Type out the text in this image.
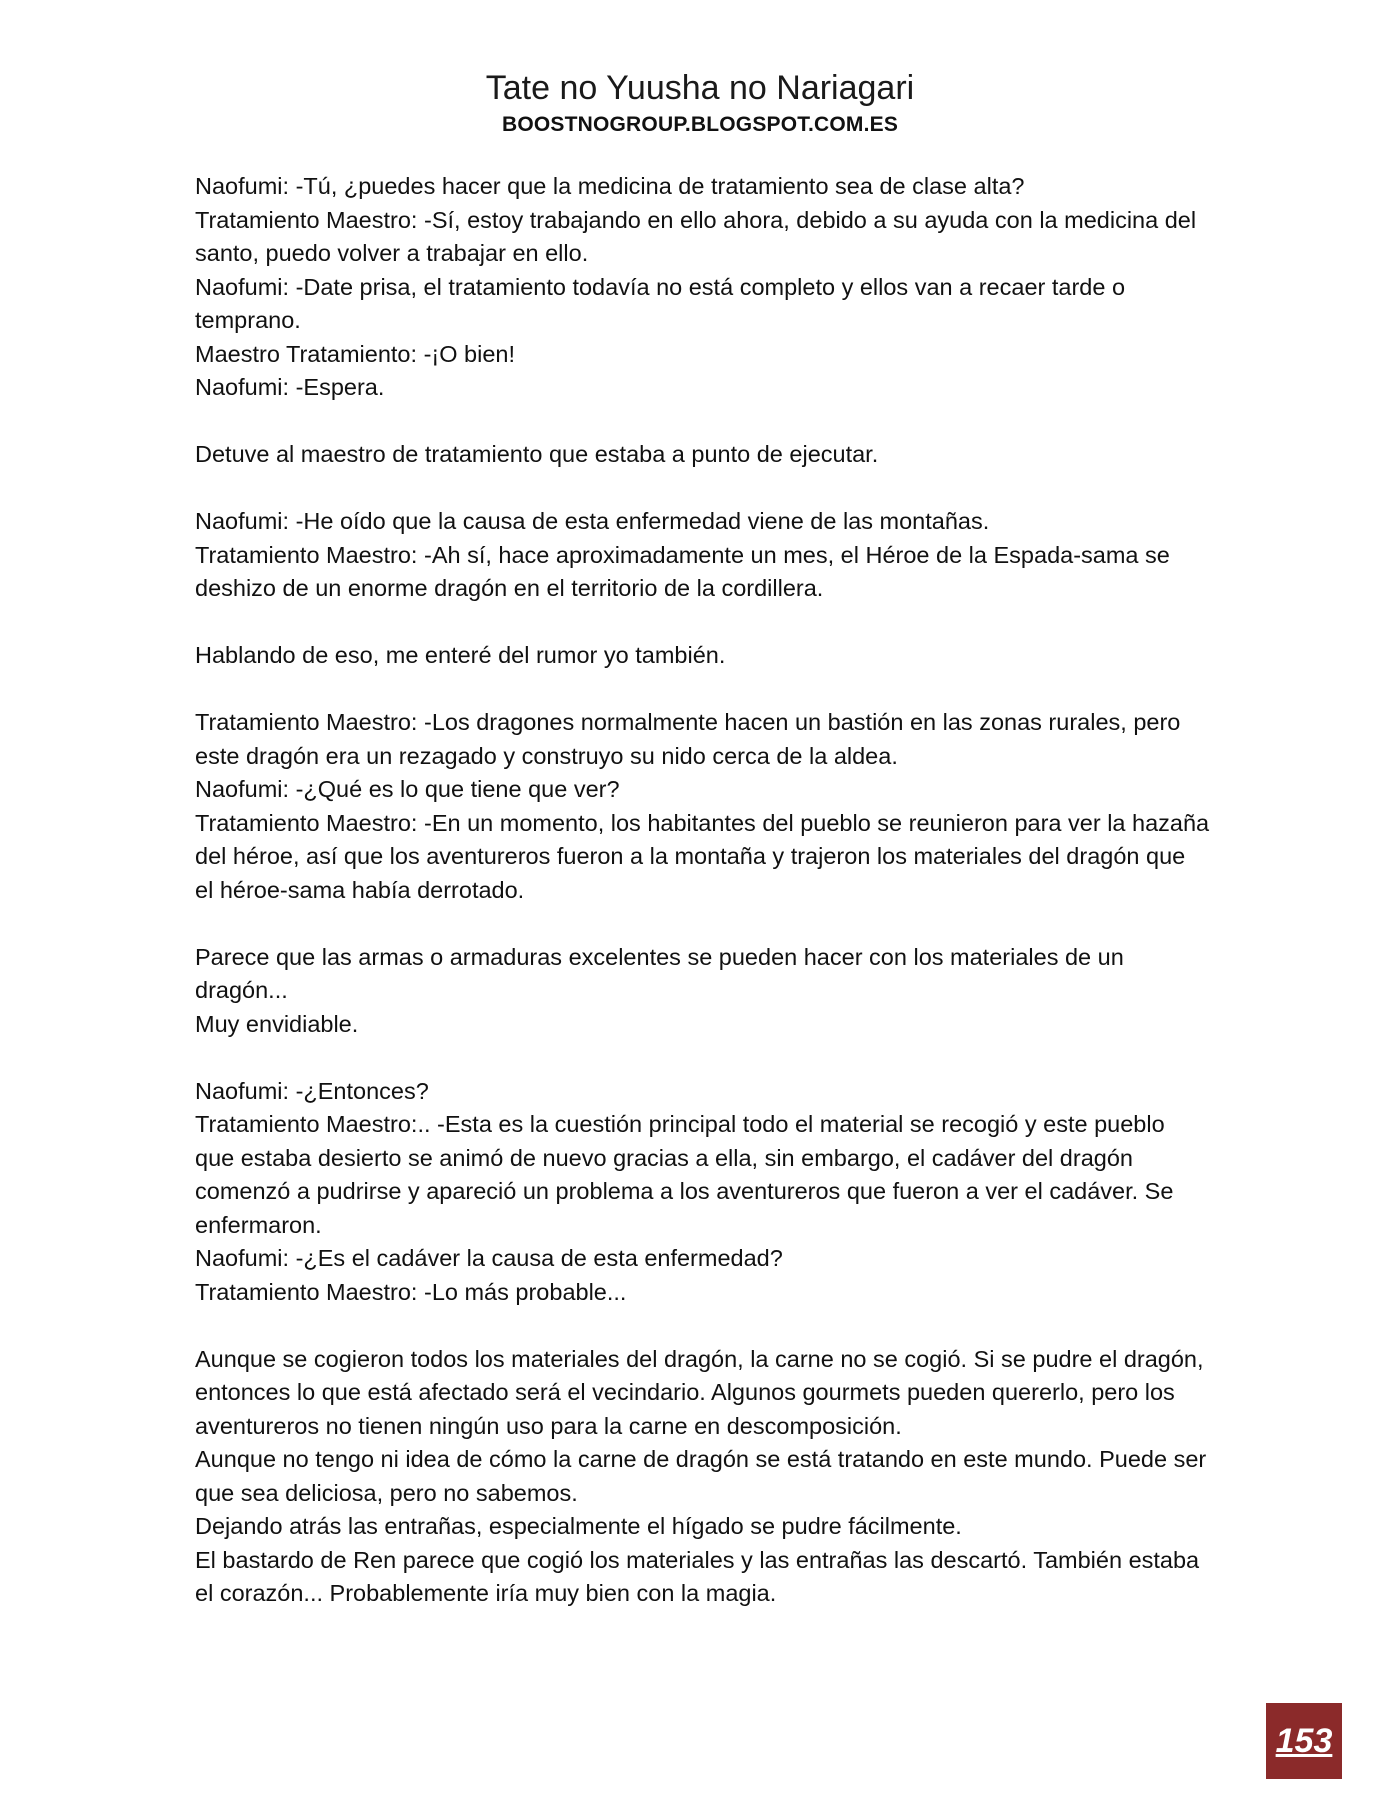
Tate no Yuusha no Nariagari
BOOSTNOGROUP.BLOGSPOT.COM.ES

Naofumi: -Tú, ¿puedes hacer que la medicina de tratamiento sea de clase alta?

Tratamiento Maestro: -Sí, estoy trabajando en ello ahora, debido a su ayuda con la medicina del santo, puedo volver a trabajar en ello.

Naofumi: -Date prisa, el tratamiento todavía no está completo y ellos van a recaer tarde o temprano.

Maestro Tratamiento: -¡O bien!

Naofumi: -Espera.

Detuve al maestro de tratamiento que estaba a punto de ejecutar.

Naofumi: -He oído que la causa de esta enfermedad viene de las montañas.

Tratamiento Maestro: -Ah sí, hace aproximadamente un mes, el Héroe de la Espada-sama se deshizo de un enorme dragón en el territorio de la cordillera.

Hablando de eso, me enteré del rumor yo también.

Tratamiento Maestro: -Los dragones normalmente hacen un bastión en las zonas rurales, pero este dragón era un rezagado y construyo su nido cerca de la aldea.

Naofumi: -¿Qué es lo que tiene que ver?

Tratamiento Maestro: -En un momento, los habitantes del pueblo se reunieron para ver la hazaña del héroe, así que los aventureros fueron a la montaña y trajeron los materiales del dragón que el héroe-sama había derrotado.

Parece que las armas o armaduras excelentes se pueden hacer con los materiales de un dragón...

Muy envidiable.

Naofumi: -¿Entonces?

Tratamiento Maestro:.. -Esta es la cuestión principal todo el material se recogió y este pueblo que estaba desierto se animó de nuevo gracias a ella, sin embargo, el cadáver del dragón comenzó a pudrirse y apareció un problema a los aventureros que fueron a ver el cadáver. Se enfermaron.

Naofumi: -¿Es el cadáver la causa de esta enfermedad?

Tratamiento Maestro: -Lo más probable...

Aunque se cogieron todos los materiales del dragón, la carne no se cogió. Si se pudre el dragón, entonces lo que está afectado será el vecindario. Algunos gourmets pueden quererlo, pero los aventureros no tienen ningún uso para la carne en descomposición.

Aunque no tengo ni idea de cómo la carne de dragón se está tratando en este mundo. Puede ser que sea deliciosa, pero no sabemos.

Dejando atrás las entrañas, especialmente el hígado se pudre fácilmente.

El bastardo de Ren parece que cogió los materiales y las entrañas las descartó. También estaba el corazón... Probablemente iría muy bien con la magia.

153
